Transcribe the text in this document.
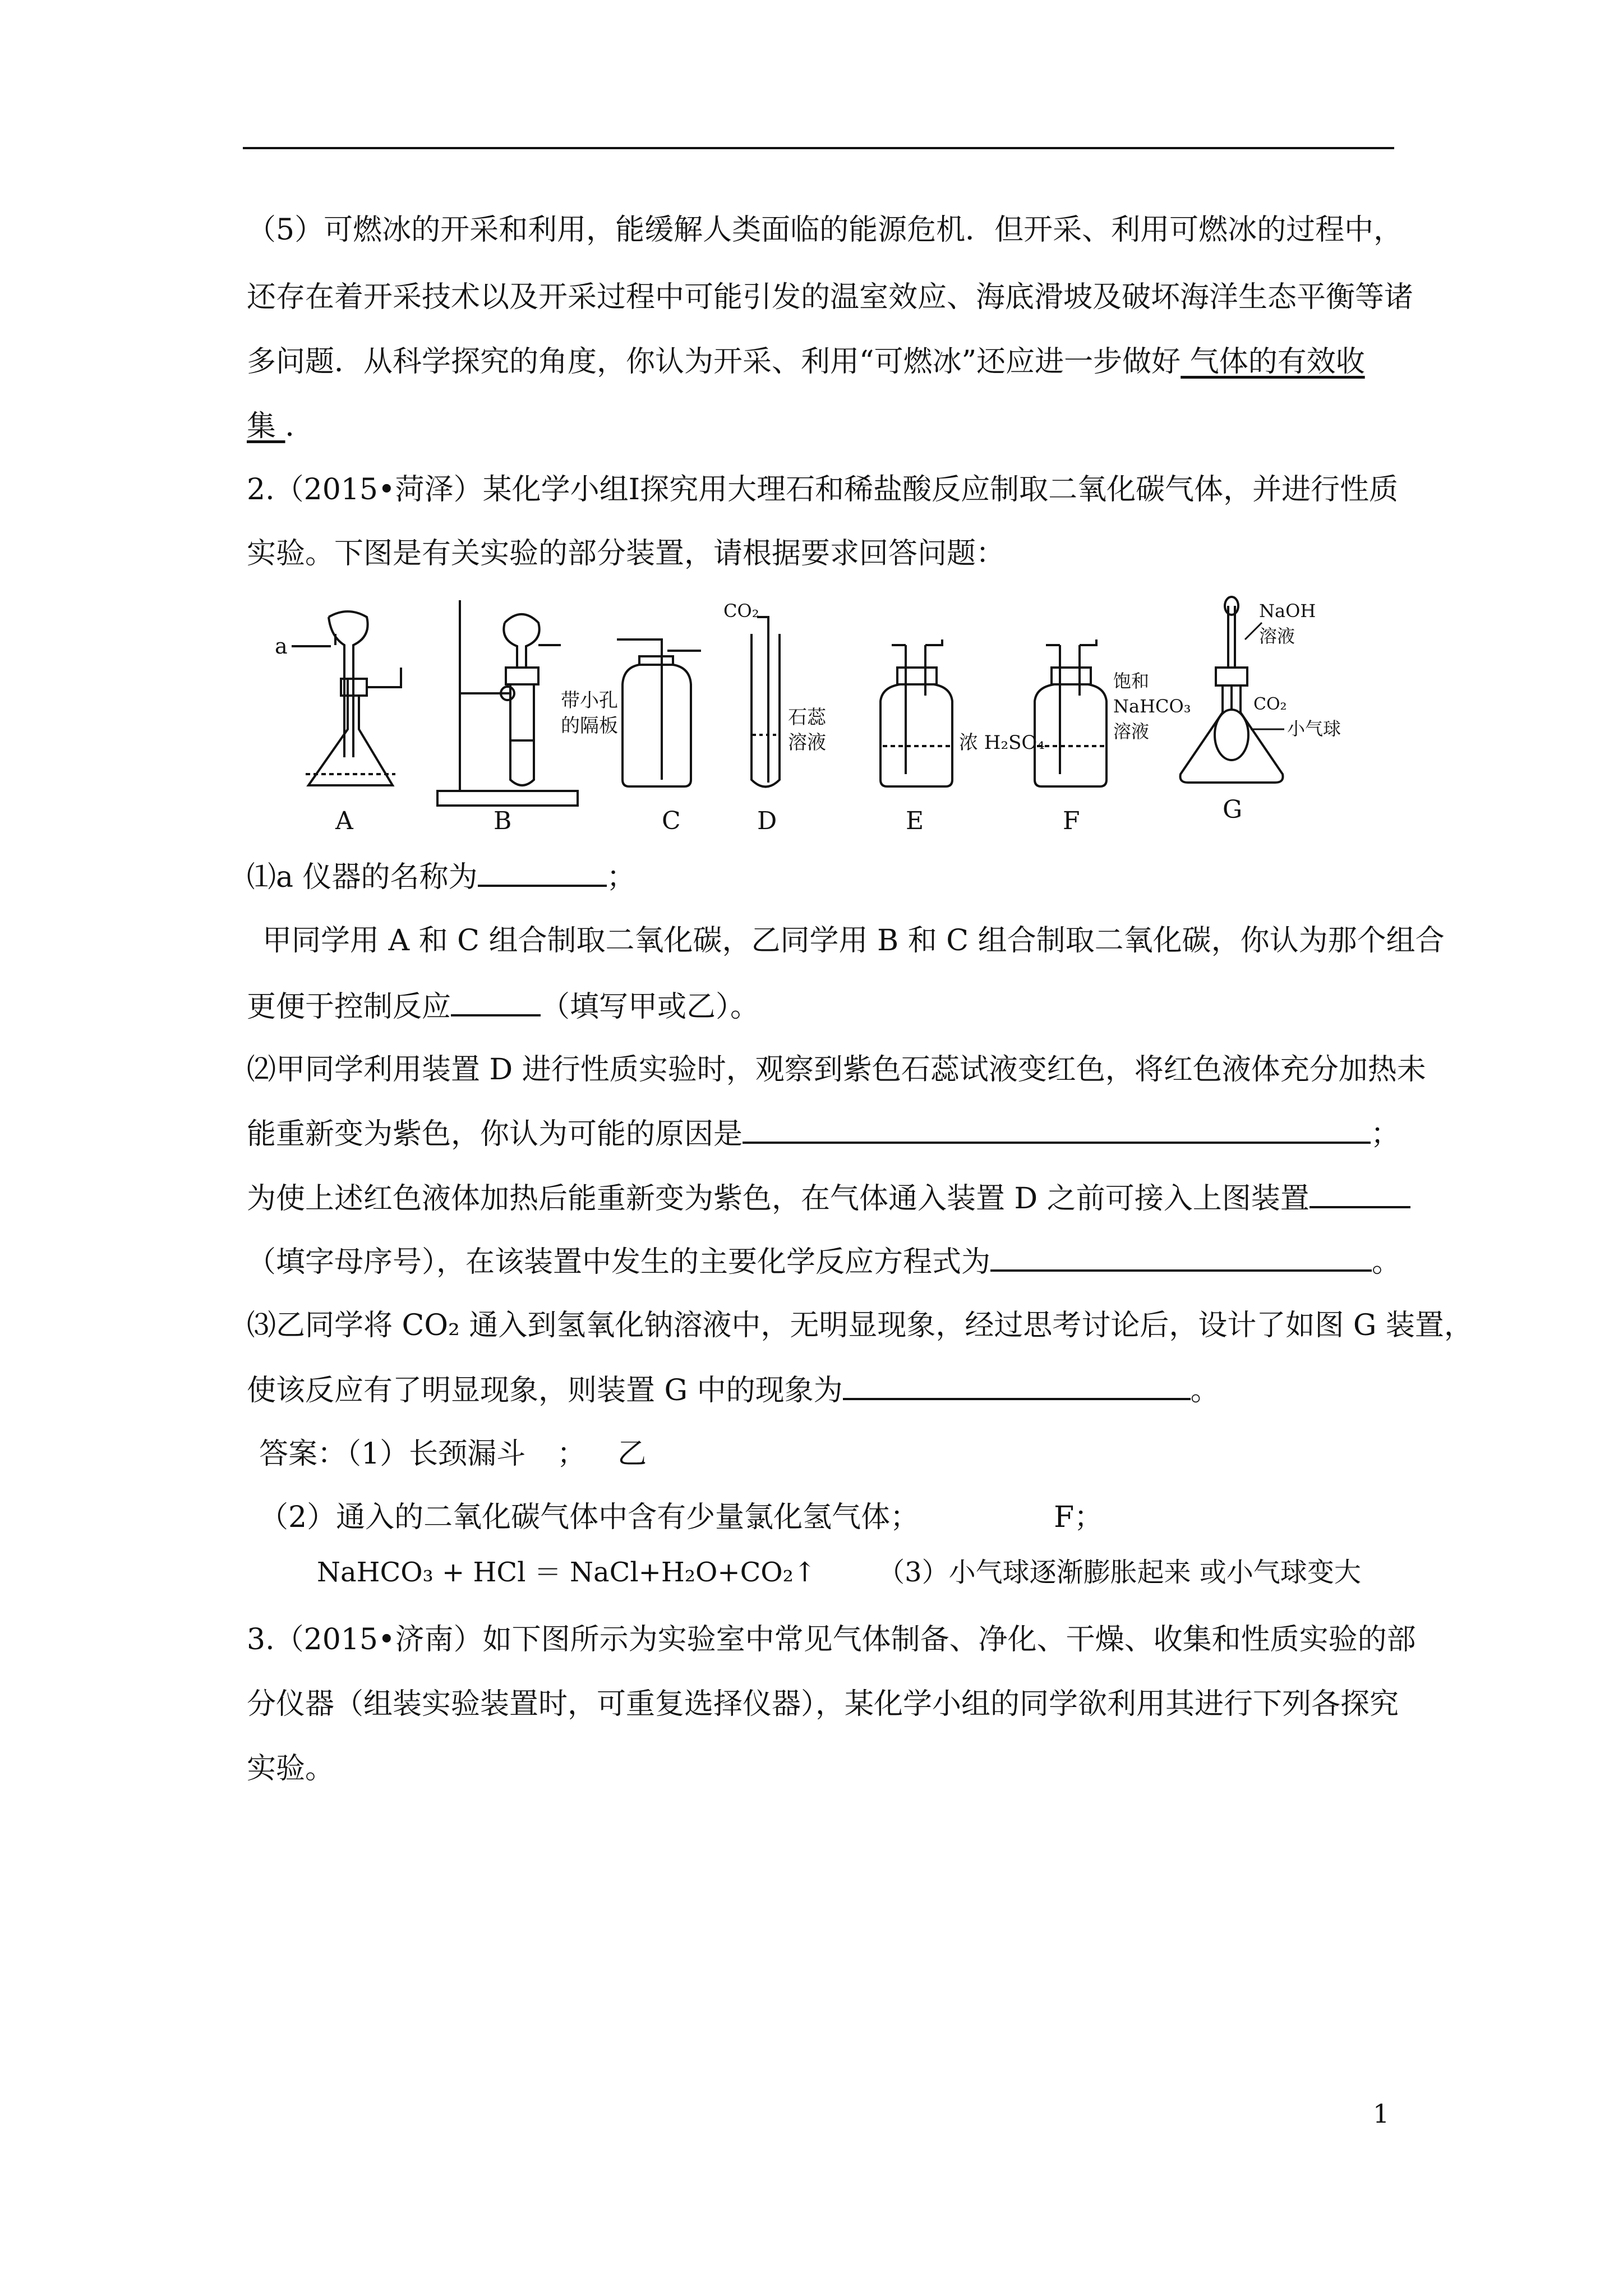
（5）可燃冰的开采和利用，能缓解人类面临的能源危机．但开采、利用可燃冰的过程中，
还存在着开采技术以及开采过程中可能引发的温室效应、海底滑坡及破坏海洋生态平衡等诸
多问题．从科学探究的角度，你认为开采、利用“可燃冰”还应进一步做好 气体的有效收
集 ．
2.（2015•菏泽）某化学小组Ⅰ探究用大理石和稀盐酸反应制取二氧化碳气体，并进行性质
实验。下图是有关实验的部分装置，请根据要求回答问题：
a
A
带小孔
的隔板
B	C
CO₂
石蕊
溶液
D
浓 H₂SO₄
E
饱和
NaHCO₃
溶液
F
NaOH
溶液
CO₂
小气球
G
⑴a 仪器的名称为	；
甲同学用 A 和 C 组合制取二氧化碳，乙同学用 B 和 C 组合制取二氧化碳，你认为那个组合
更便于控制反应	（填写甲或乙）。
⑵甲同学利用装置 D 进行性质实验时，观察到紫色石蕊试液变红色，将红色液体充分加热未
能重新变为紫色，你认为可能的原因是	；
为使上述红色液体加热后能重新变为紫色，在气体通入装置 D 之前可接入上图装置
（填字母序号），在该装置中发生的主要化学反应方程式为	。
⑶乙同学将 CO₂ 通入到氢氧化钠溶液中，无明显现象，经过思考讨论后，设计了如图 G 装置，
使该反应有了明显现象，则装置 G 中的现象为	。
答案：（1）长颈漏斗 ； 乙
（2）通入的二氧化碳气体中含有少量氯化氢气体；	F；
NaHCO₃ + HCl ＝ NaCl+H₂O+CO₂↑ （3）小气球逐渐膨胀起来 或小气球变大
3.（2015•济南）如下图所示为实验室中常见气体制备、净化、干燥、收集和性质实验的部
分仪器（组装实验装置时，可重复选择仪器），某化学小组的同学欲利用其进行下列各探究
实验。
1
